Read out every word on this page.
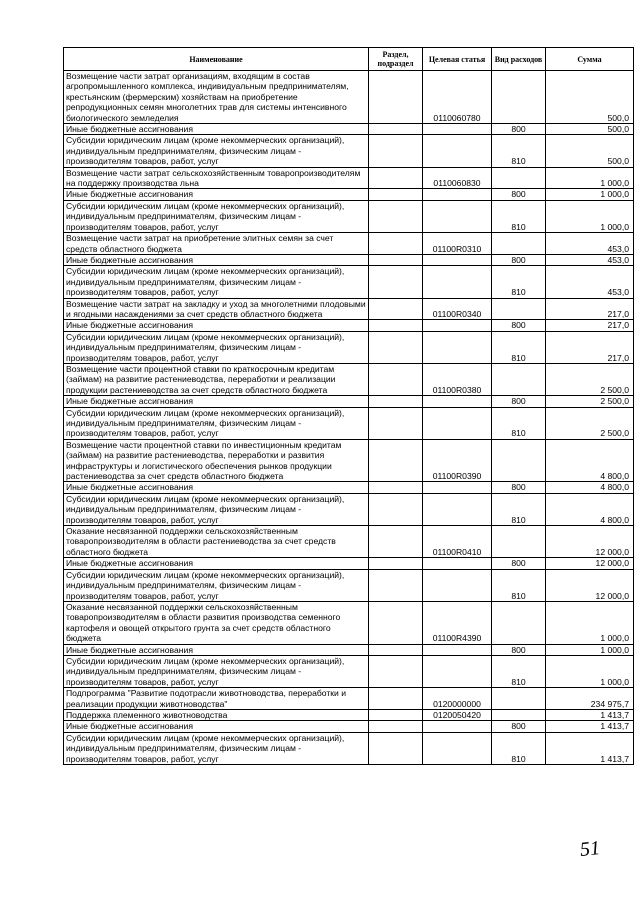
Наименование	Раздел, подраздел	Целевая статья	Вид расходов	Сумма
Возмещение части затрат организациям, входящим в состав агропромышленного комплекса, индивидуальным предпринимателям, крестьянским (фермерским) хозяйствам на приобретение репродукционных семян многолетних трав для системы интенсивного биологического земледелия		0110060780		500,0
Иные бюджетные ассигнования			800	500,0
Субсидии юридическим лицам (кроме некоммерческих организаций), индивидуальным предпринимателям, физическим лицам - производителям товаров, работ, услуг			810	500,0
Возмещение части затрат сельскохозяйственным товаропроизводителям на поддержку производства льна		0110060830		1 000,0
Иные бюджетные ассигнования			800	1 000,0
Субсидии юридическим лицам (кроме некоммерческих организаций), индивидуальным предпринимателям, физическим лицам - производителям товаров, работ, услуг			810	1 000,0
Возмещение части затрат на приобретение элитных семян за счет средств областного бюджета		01100R0310		453,0
Иные бюджетные ассигнования			800	453,0
Субсидии юридическим лицам (кроме некоммерческих организаций), индивидуальным предпринимателям, физическим лицам - производителям товаров, работ, услуг			810	453,0
Возмещение части затрат на закладку и уход за многолетними плодовыми и ягодными насаждениями за счет средств областного бюджета		01100R0340		217,0
Иные бюджетные ассигнования			800	217,0
Субсидии юридическим лицам (кроме некоммерческих организаций), индивидуальным предпринимателям, физическим лицам - производителям товаров, работ, услуг			810	217,0
Возмещение части процентной ставки по краткосрочным кредитам (займам) на развитие растениеводства, переработки и реализации продукции растениеводства за счет средств областного бюджета		01100R0380		2 500,0
Иные бюджетные ассигнования			800	2 500,0
Субсидии юридическим лицам (кроме некоммерческих организаций), индивидуальным предпринимателям, физическим лицам - производителям товаров, работ, услуг			810	2 500,0
Возмещение части процентной ставки по инвестиционным кредитам (займам) на развитие растениеводства, переработки и развития инфраструктуры и логистического обеспечения рынков продукции растениеводства за счет средств областного бюджета		01100R0390		4 800,0
Иные бюджетные ассигнования			800	4 800,0
Субсидии юридическим лицам (кроме некоммерческих организаций), индивидуальным предпринимателям, физическим лицам - производителям товаров, работ, услуг			810	4 800,0
Оказание несвязанной поддержки сельскохозяйственным товаропроизводителям в области растениеводства за счет средств областного бюджета		01100R0410		12 000,0
Иные бюджетные ассигнования			800	12 000,0
Субсидии юридическим лицам (кроме некоммерческих организаций), индивидуальным предпринимателям, физическим лицам - производителям товаров, работ, услуг			810	12 000,0
Оказание несвязанной поддержки сельскохозяйственным товаропроизводителям в области развития производства семенного картофеля и овощей открытого грунта за счет средств областного бюджета		01100R4390		1 000,0
Иные бюджетные ассигнования			800	1 000,0
Субсидии юридическим лицам (кроме некоммерческих организаций), индивидуальным предпринимателям, физическим лицам - производителям товаров, работ, услуг			810	1 000,0
Подпрограмма "Развитие подотрасли животноводства, переработки и реализации продукции животноводства"		0120000000		234 975,7
Поддержка племенного животноводства		0120050420		1 413,7
Иные бюджетные ассигнования			800	1 413,7
Субсидии юридическим лицам (кроме некоммерческих организаций), индивидуальным предпринимателям, физическим лицам - производителям товаров, работ, услуг			810	1 413,7
51
